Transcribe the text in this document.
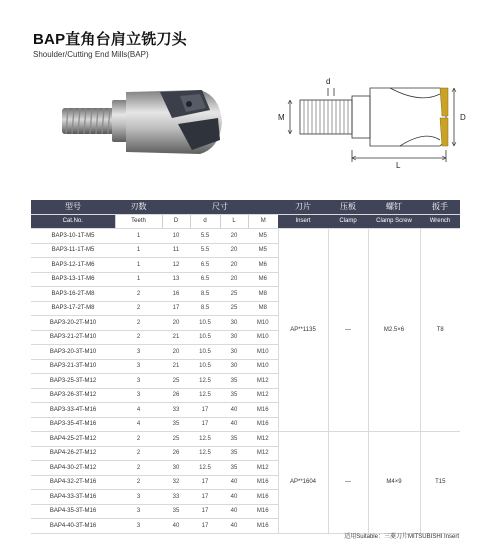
BAP直角台肩立铣刀头
Shoulder/Cutting End Mills(BAP)
d
M	D
L
型号	刃数	尺寸				刀片	压板	螺钉	扳手
Cat.No.	Teeth	D	d	L	M	Insert	Clamp	Clamp Screw	Wrench
BAP3-10-1T-M5	1	10	5.5	20	M5	AP**1135	—	M2.5×6	T8
BAP3-11-1T-M5	1	11	5.5	20	M5				
BAP3-12-1T-M6	1	12	6.5	20	M6				
BAP3-13-1T-M6	1	13	6.5	20	M6				
BAP3-16-2T-M8	2	16	8.5	25	M8				
BAP3-17-2T-M8	2	17	8.5	25	M8				
BAP3-20-2T-M10	2	20	10.5	30	M10				
BAP3-21-2T-M10	2	21	10.5	30	M10				
BAP3-20-3T-M10	3	20	10.5	30	M10				
BAP3-21-3T-M10	3	21	10.5	30	M10				
BAP3-25-3T-M12	3	25	12.5	35	M12				
BAP3-26-3T-M12	3	26	12.5	35	M12				
BAP3-33-4T-M16	4	33	17	40	M16				
BAP3-35-4T-M16	4	35	17	40	M16				
BAP4-25-2T-M12	2	25	12.5	35	M12	AP**1604	—	M4×9	T15
BAP4-26-2T-M12	2	26	12.5	35	M12				
BAP4-30-2T-M12	2	30	12.5	35	M12				
BAP4-32-2T-M16	2	32	17	40	M16				
BAP4-33-3T-M16	3	33	17	40	M16				
BAP4-35-3T-M16	3	35	17	40	M16				
BAP4-40-3T-M16	3	40	17	40	M16				
适用Suitable：三菱刀片MITSUBISHI Insert
